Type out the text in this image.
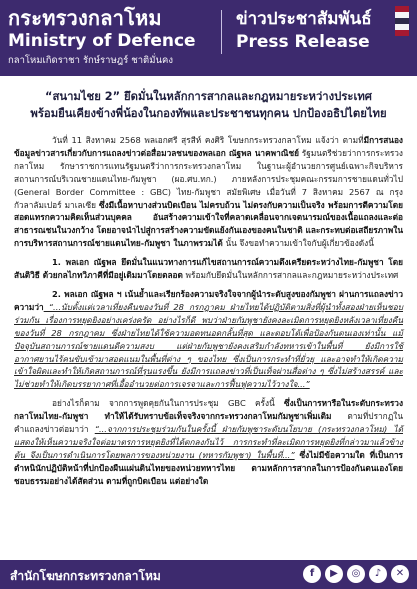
กระทรวงกลาโหม
Ministry of Defence
กลาโหมเกิดราชา รักษ์ราษฎร์ ชาติมั่นคง
ข่าวประชาสัมพันธ์
Press Release
“สนามไชย 2” ยึดมั่นในหลักการสากลและกฎหมายระหว่างประเทศ
พร้อมยืนเคียงข้างพี่น้องในกองทัพและประชาชนทุกคน ปกป้องอธิปไตยไทย

วันที่ 11 สิงหาคม 2568 พลเอกศรี สุรสีห์ คงศิริ โฆษกกระทรวงกลาโหม แจ้งว่า ตามที่มีการสนองข้อมูลข่าวสารเกี่ยวกับการแถลงข่าวต่อสื่อมวลชนของพลเอก ณัฐพล นาคพาณิชย์ รัฐมนตรีช่วยว่าการกระทรวงกลาโหม รักษาราชการแทนรัฐมนตรีว่าการกระทรวงกลาโหม ในฐานะผู้อำนวยการศูนย์เฉพาะกิจบริหารสถานการณ์บริเวณชายแดนไทย-กัมพูชา (ผอ.ศบ.ทก.) ภายหลังการประชุมคณะกรรมการชายแดนทั่วไป (General Border Committee : GBC) ไทย-กัมพูชา สมัยพิเศษ เมื่อวันที่ 7 สิงหาคม 2567 ณ กรุงกัวลาลัมเปอร์ มาเลเซีย ซึ่งมีเนื้อหาบางส่วนบิดเบือน ไม่ครบถ้วน ไม่ตรงกับความเป็นจริง พร้อมการตีความโดยสอดแทรกความคิดเห็นส่วนบุคคล อันสร้างความเข้าใจที่คลาดเคลื่อนจากเจตนารมณ์ของเนื้อแถลงและต่อสาธารณชนในวงกว้าง โดยอาจนำไปสู่การสร้างความขัดแย้งกันเองของคนในชาติ และกระทบต่อเสถียรภาพในการบริหารสถานการณ์ชายแดนไทย-กัมพูชา ในภาพรวมได้ นั้น จึงขอทำความเข้าใจกับผู้เกี่ยวข้องดังนี้

1. พลเอก ณัฐพล ยึดมั่นในแนวทางการแก้ไขสถานการณ์ความตึงเครียดระหว่างไทย-กัมพูชา โดยสันติวิธี ด้วยกลไกทวิภาคีที่มีอยู่เดิมมาโดยตลอด พร้อมกับยึดมั่นในหลักการสากลและกฎหมายระหว่างประเทศ

2. พลเอก ณัฐพล ฯ เน้นย้ำและเรียกร้องความจริงใจจากผู้นำระดับสูงของกัมพูชา ผ่านการแถลงข่าวความว่า “...นับตั้งแต่เวลาเที่ยงคืนของวันที่ 28 กรกฎาคม ฝ่ายไทยได้ปฏิบัติตามสิ่งที่ผู้นำทั้งสองฝ่ายเห็นชอบร่วมกัน เรื่องการหยุดยิงอย่างเคร่งครัด อย่างไรก็ดี พบว่าฝ่ายกัมพูชายังคงละเมิดการหยุดยิงหลังเวลาเที่ยงคืนของวันที่ 28 กรกฎาคม ซึ่งฝ่ายไทยได้ใช้ความอดทนอดกลั้นที่สุด และตอบโต้เพื่อป้องกันตนเองเท่านั้น แม้ปัจจุบันสถานการณ์ชายแดนดีความสงบ แต่ฝ่ายกัมพูชายังคงเสริมกำลังทหารเข้าในพื้นที่ ยังมีการใช้อากาศยานไร้คนขับเข้ามาสอดแนมในพื้นที่ต่าง ๆ ของไทย ซึ่งเป็นการกระทำที่ยั่วยุ และอาจทำให้เกิดความเข้าใจผิดและทำให้เกิดสถานการณ์ที่รุนแรงขึ้น ยังมีการแถลงข่าวที่เป็นเท็จผ่านสื่อต่าง ๆ ซึ่งไม่สร้างสรรค์ และไม่ช่วยทำให้เกิดบรรยากาศที่เอื้ออำนวยต่อการเจรจาและการฟื้นฟูความไว้วางใจ...”

อย่างไรก็ตาม จากการพูดคุยกันในการประชุม GBC ครั้งนี้ ซึ่งเป็นการหารือในระดับกระทรวงกลาโหมไทย-กัมพูชา ทำให้ได้รับทราบข้อเท็จจริงจากกระทรวงกลาโหมกัมพูชาเพิ่มเติม ตามที่ปรากฏในคำแถลงข่าวต่อมาว่า “...จากการประชุมร่วมกันในครั้งนี้ ฝ่ายกัมพูชาระดับนโยบาย (กระทรวงกลาโหม) ได้แสดงให้เห็นความจริงใจต่อมาตรการหยุดยิงที่ได้ตกลงกันไว้ การกระทำที่ละเมิดการหยุดยิงที่กล่าวมาแล้วข้างต้น จึงเป็นการดำเนินการโดยพลการของหน่วยงาน (ทหารกัมพูชา) ในพื้นที่...” ซึ่งไม่มีข้อความใด ที่เป็นการตำหนินักปฏิบัติหน้าที่ปกป้องผืนแผ่นดินไทยของหน่วยทหารไทย ตามหลักการสากลในการป้องกันตนเองโดยชอบธรรมอย่างได้สัดส่วน ตามที่ถูกบิดเบือน แต่อย่างใด

สำนักโฆษกกระทรวงกลาโหม	f	▶	◎	♪	✕
